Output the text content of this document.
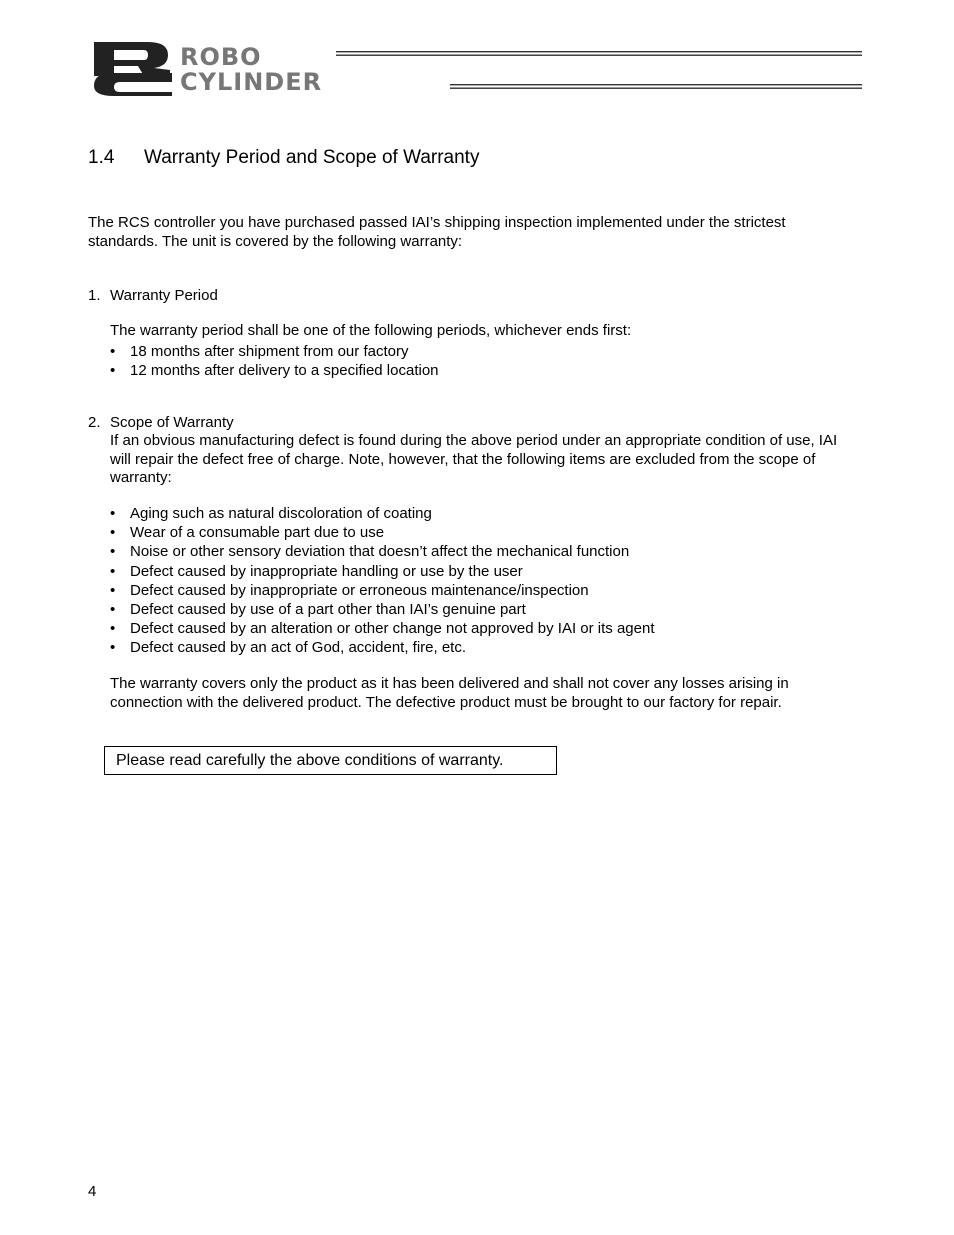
ROBO
CYLINDER
1.4 Warranty Period and Scope of Warranty
The RCS controller you have purchased passed IAI’s shipping inspection implemented under the strictest standards. The unit is covered by the following warranty:
1. Warranty Period
The warranty period shall be one of the following periods, whichever ends first:
• 18 months after shipment from our factory
• 12 months after delivery to a specified location
2. Scope of Warranty
If an obvious manufacturing defect is found during the above period under an appropriate condition of use, IAI will repair the defect free of charge. Note, however, that the following items are excluded from the scope of warranty:
• Aging such as natural discoloration of coating
• Wear of a consumable part due to use
• Noise or other sensory deviation that doesn’t affect the mechanical function
• Defect caused by inappropriate handling or use by the user
• Defect caused by inappropriate or erroneous maintenance/inspection
• Defect caused by use of a part other than IAI’s genuine part
• Defect caused by an alteration or other change not approved by IAI or its agent
• Defect caused by an act of God, accident, fire, etc.
The warranty covers only the product as it has been delivered and shall not cover any losses arising in connection with the delivered product. The defective product must be brought to our factory for repair.
Please read carefully the above conditions of warranty.
4
